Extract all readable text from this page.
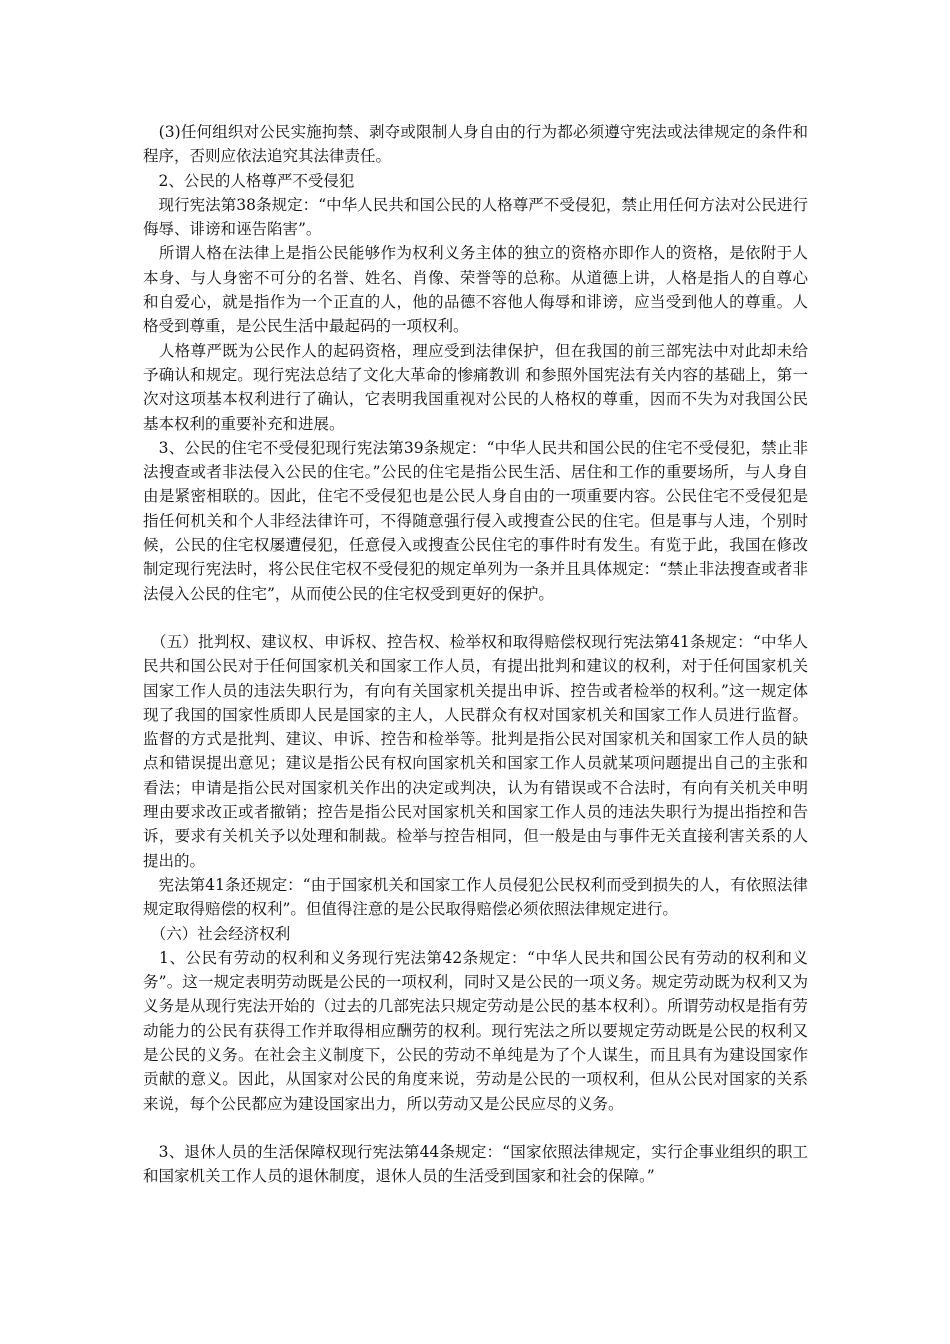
　(3)任何组织对公民实施拘禁、剥夺或限制人身自由的行为都必须遵守宪法或法律规定的条件和程序，否则应依法追究其法律责任。

　2、公民的人格尊严不受侵犯

　现行宪法第38条规定：“中华人民共和国公民的人格尊严不受侵犯，禁止用任何方法对公民进行侮辱、诽谤和诬告陷害”。

　所谓人格在法律上是指公民能够作为权利义务主体的独立的资格亦即作人的资格，是依附于人本身、与人身密不可分的名誉、姓名、肖像、荣誉等的总称。从道德上讲，人格是指人的自尊心和自爱心，就是指作为一个正直的人，他的品德不容他人侮辱和诽谤，应当受到他人的尊重。人格受到尊重，是公民生活中最起码的一项权利。

　人格尊严既为公民作人的起码资格，理应受到法律保护，但在我国的前三部宪法中对此却未给予确认和规定。现行宪法总结了文化大革命的惨痛教训 和参照外国宪法有关内容的基础上，第一次对这项基本权利进行了确认，它表明我国重视对公民的人格权的尊重，因而不失为对我国公民基本权利的重要补充和进展。

　3、公民的住宅不受侵犯现行宪法第39条规定：“中华人民共和国公民的住宅不受侵犯，禁止非法搜查或者非法侵入公民的住宅。”公民的住宅是指公民生活、居住和工作的重要场所，与人身自由是紧密相联的。因此，住宅不受侵犯也是公民人身自由的一项重要内容。公民住宅不受侵犯是指任何机关和个人非经法律许可，不得随意强行侵入或搜查公民的住宅。但是事与人违，个别时候，公民的住宅权屡遭侵犯，任意侵入或搜查公民住宅的事件时有发生。有览于此，我国在修改制定现行宪法时，将公民住宅权不受侵犯的规定单列为一条并且具体规定：“禁止非法搜查或者非法侵入公民的住宅”，从而使公民的住宅权受到更好的保护。

　（五）批判权、建议权、申诉权、控告权、检举权和取得赔偿权现行宪法第41条规定：“中华人民共和国公民对于任何国家机关和国家工作人员，有提出批判和建议的权利，对于任何国家机关国家工作人员的违法失职行为，有向有关国家机关提出申诉、控告或者检举的权利。”这一规定体现了我国的国家性质即人民是国家的主人，人民群众有权对国家机关和国家工作人员进行监督。监督的方式是批判、建议、申诉、控告和检举等。批判是指公民对国家机关和国家工作人员的缺点和错误提出意见；建议是指公民有权向国家机关和国家工作人员就某项问题提出自己的主张和看法；申请是指公民对国家机关作出的决定或判决，认为有错误或不合法时，有向有关机关申明理由要求改正或者撤销；控告是指公民对国家机关和国家工作人员的违法失职行为提出指控和告诉，要求有关机关予以处理和制裁。检举与控告相同，但一般是由与事件无关直接利害关系的人提出的。

　宪法第41条还规定：“由于国家机关和国家工作人员侵犯公民权利而受到损失的人，有依照法律规定取得赔偿的权利”。但值得注意的是公民取得赔偿必须依照法律规定进行。

　（六）社会经济权利

　1、公民有劳动的权利和义务现行宪法第42条规定：“中华人民共和国公民有劳动的权利和义务”。这一规定表明劳动既是公民的一项权利，同时又是公民的一项义务。规定劳动既为权利又为义务是从现行宪法开始的（过去的几部宪法只规定劳动是公民的基本权利）。所谓劳动权是指有劳动能力的公民有获得工作并取得相应酬劳的权利。现行宪法之所以要规定劳动既是公民的权利又是公民的义务。在社会主义制度下，公民的劳动不单纯是为了个人谋生，而且具有为建设国家作贡献的意义。因此，从国家对公民的角度来说，劳动是公民的一项权利，但从公民对国家的关系来说，每个公民都应为建设国家出力，所以劳动又是公民应尽的义务。

　3、退休人员的生活保障权现行宪法第44条规定：“国家依照法律规定，实行企事业组织的职工和国家机关工作人员的退休制度，退休人员的生活受到国家和社会的保障。”
